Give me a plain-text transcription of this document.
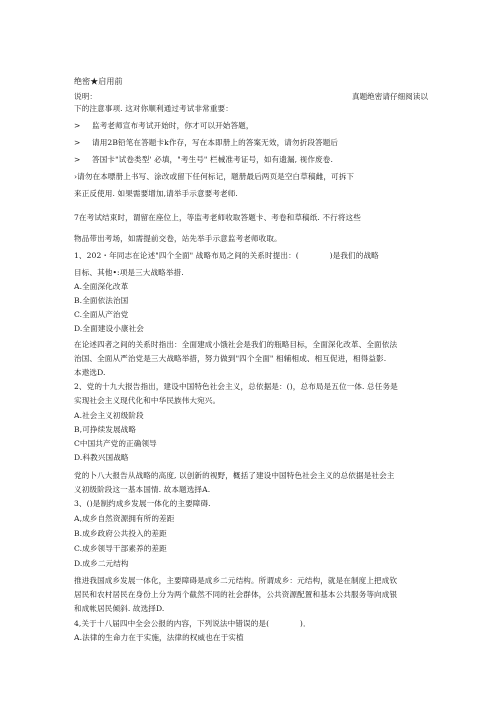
绝密★启用前
说明：	真题绝密请仔细阅读以
下的注意事项. 这对你顺利通过考试非常重要：
> 监考老师宣布考试开始时，你才可以开始答题，
> 请用2B铅笔在答题卡k作存，写在本即册上的答案无效，请勿折段答题后
> 答国卡"试卷类型' 必填，"考生号" 栏械准考证号，如有遗漏, 视作废卷.
›请勿在本嘌册上书写、涂改或留下任何标记，题册最后两页是空白草稿雌，可拆下
来正反使用. 如果需要增加,请举手示意要考老师.
7在考试结束时，谓留在座位上，等监考老师收取答题卡、考卷和草稿纸. 不行将这些
物品带出考场，如需提前交卷，站先举手示意监考老师收取。
1、202・年同志在论述"四个全面" 战略布局之间的关系时提出：(　　　　)是我们的战略
目标、其他•:项是三大战略举措.
A.全面深化改革
B.全面依法治国
C.全面从产治党
D.全面建设小康社会
在论述四者之间的关系时指出：全面建成小饿社会是我们的瓶略目标，全面深化改革、全面依法
治国、全面从严治党是三大战略举措，努力做到"四个全面" 相辅相成、相互促进，相得益影.
本遨选D.
2、党的十九大报告指出，建设中国特色社会主义，总依据是：()，总布局是五位一体. 总任务是
实现社会主义现代化和中华民族伟大宛兴。
A.社会主义初级阶段
B,可挣续发展战略
C中国共产党的正确领导
D.科教兴国战略
党的卜八大报告从战略的高度, 以创新的视野，概括了建设中国特色社会主义的总依据是社会主
义初级阶段这一基本国情. 故本题选择A.
3、()是制约成乡发展一体化的主要障碍.
A,成乡自然资源拥有所的差距
B.成乡政府公共投入的差距
C.成乡领导干部素养的差距
D.成乡二元结构
推进我国成乡发展一体化，主要障碍是成乡二元结构。所谓成乡：元结构，就是在制度上把成钦
居民和农村居民在身份上分为两个截然不同的社会群体，公共资源配置和基本公共服务等向成银
和成帐居民倾斜. 故选择D.
4,关于十八届四中全会公报的内容，下列说法中错误的是(　　　　)．
A.法律的生命力在于实施，法律的权威也在于实植
